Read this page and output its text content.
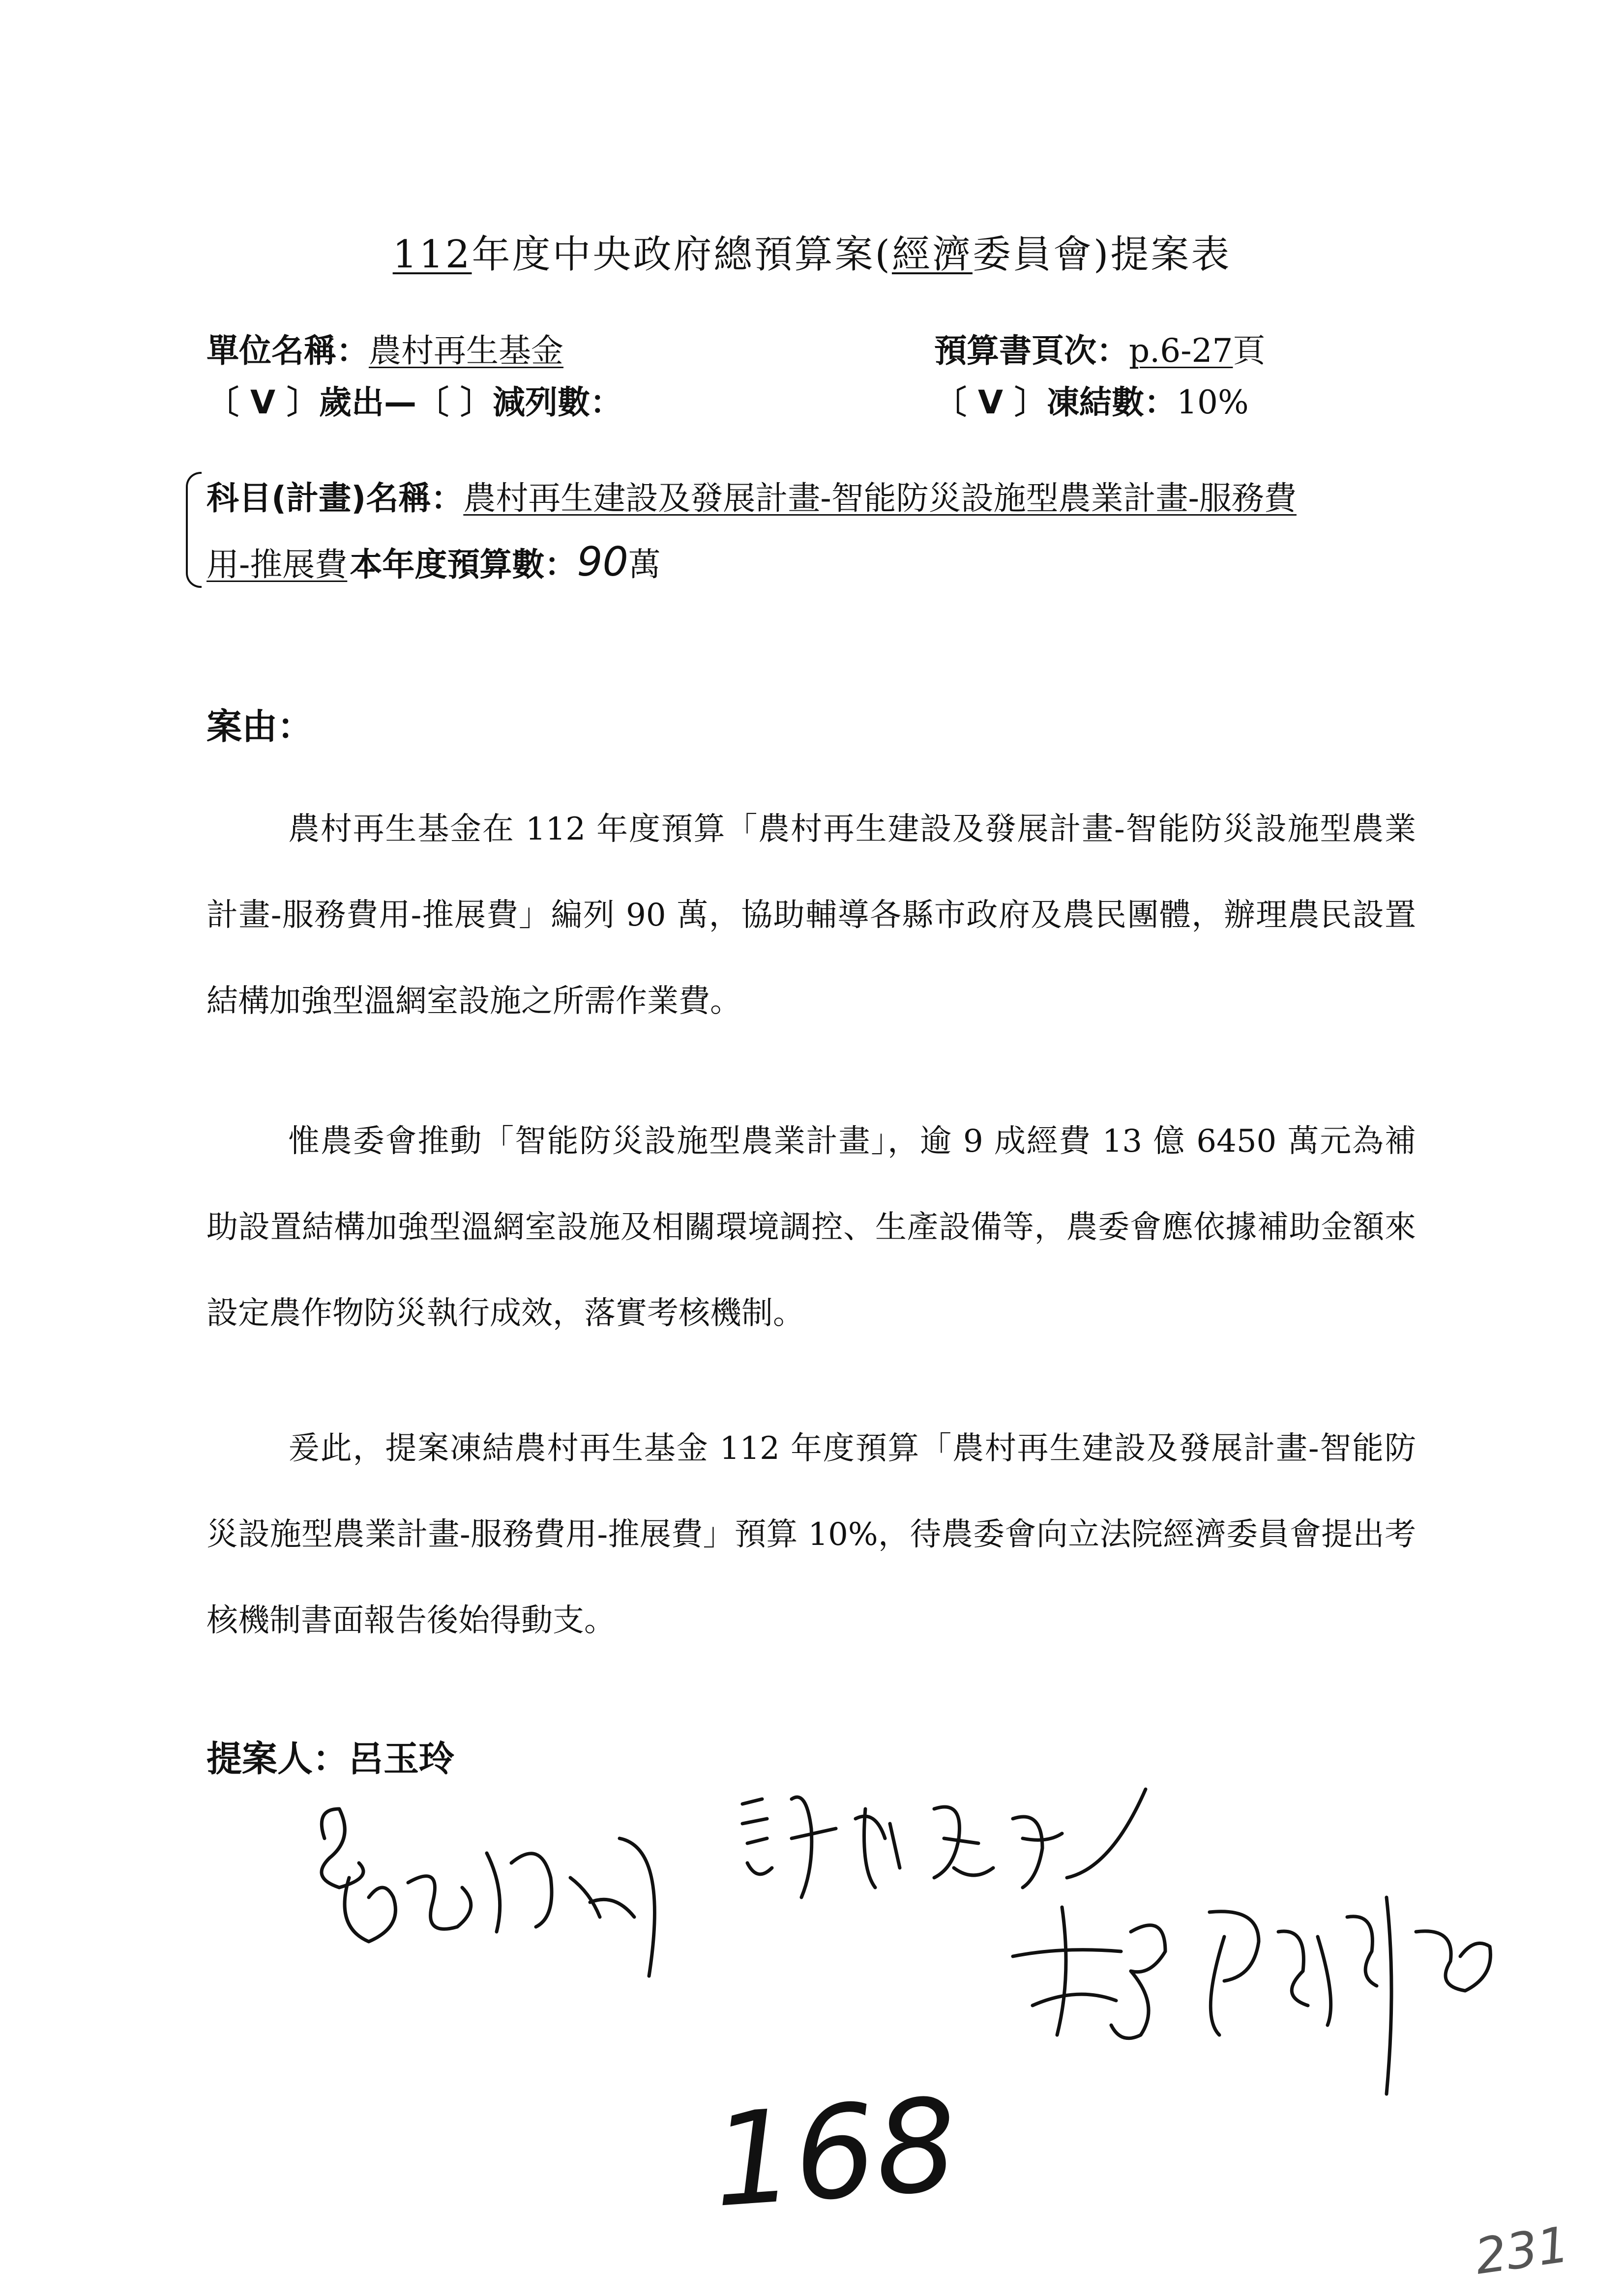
112年度中央政府總預算案(經濟委員會)提案表
單位名稱：農村再生基金	預算書頁次：p.6-27頁
〔 V 〕歲出—〔 〕減列數：	〔 V 〕凍結數：10%
科目(計畫)名稱：農村再生建設及發展計畫-智能防災設施型農業計畫-服務費
用-推展費 本年度預算數：90萬
案由：
農村再生基金在 112 年度預算「農村再生建設及發展計畫-智能防災設施型農業計畫-服務費用-推展費」編列 90 萬，協助輔導各縣市政府及農民團體，辦理農民設置結構加強型溫網室設施之所需作業費。
惟農委會推動「智能防災設施型農業計畫」，逾 9 成經費 13 億 6450 萬元為補助設置結構加強型溫網室設施及相關環境調控、生產設備等，農委會應依據補助金額來設定農作物防災執行成效，落實考核機制。
爰此，提案凍結農村再生基金 112 年度預算「農村再生建設及發展計畫-智能防災設施型農業計畫-服務費用-推展費」預算 10%，待農委會向立法院經濟委員會提出考核機制書面報告後始得動支。
提案人：呂玉玲
168
231
